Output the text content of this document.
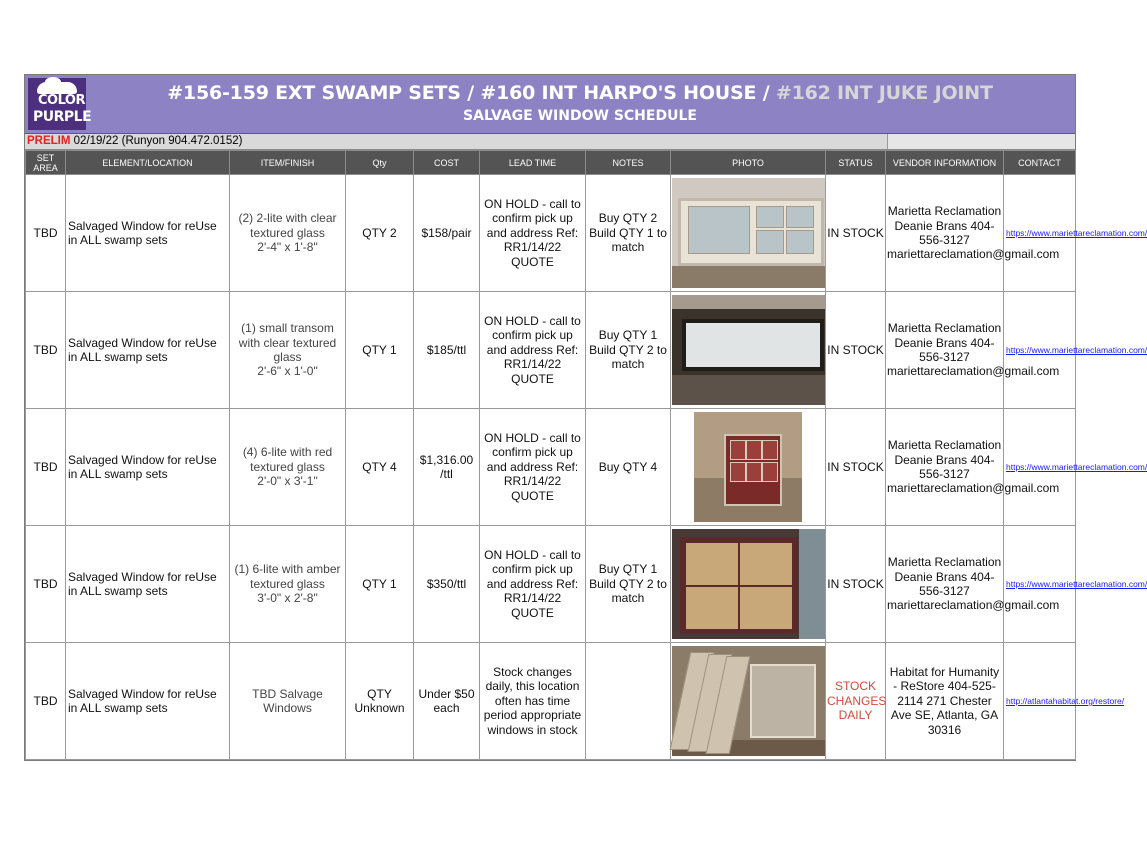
COLOR
PURPLE
#156-159 EXT SWAMP SETS / #160 INT HARPO'S HOUSE / #162 INT JUKE JOINT
SALVAGE WINDOW SCHEDULE
PRELIM 02/19/22 (Runyon 904.472.0152)
SET AREA	ELEMENT/LOCATION	ITEM/FINISH	Qty	COST	LEAD TIME	NOTES	PHOTO	STATUS	VENDOR INFORMATION	CONTACT
TBD	Salvaged Window for reUse in ALL swamp sets	(2) 2-lite with clear textured glass
2'-4" x 1'-8"	QTY 2	$158/pair	ON HOLD - call to confirm pick up and address Ref: RR1/14/22 QUOTE	Buy QTY 2 Build QTY 1 to match		IN STOCK	Marietta Reclamation Deanie Brans 404-556-3127 mariettareclamation@gmail.com	https://www.mariettareclamation.com/
TBD	Salvaged Window for reUse in ALL swamp sets	(1) small transom with clear textured glass
2'-6" x 1'-0"	QTY 1	$185/ttl	ON HOLD - call to confirm pick up and address Ref: RR1/14/22 QUOTE	Buy QTY 1 Build QTY 2 to match		IN STOCK	Marietta Reclamation Deanie Brans 404-556-3127 mariettareclamation@gmail.com	https://www.mariettareclamation.com/
TBD	Salvaged Window for reUse in ALL swamp sets	(4) 6-lite with red textured glass
2'-0" x 3'-1"	QTY 4	$1,316.00 /ttl	ON HOLD - call to confirm pick up and address Ref: RR1/14/22 QUOTE	Buy QTY 4		IN STOCK	Marietta Reclamation Deanie Brans 404-556-3127 mariettareclamation@gmail.com	https://www.mariettareclamation.com/
TBD	Salvaged Window for reUse in ALL swamp sets	(1) 6-lite with amber textured glass
3'-0" x 2'-8"	QTY 1	$350/ttl	ON HOLD - call to confirm pick up and address Ref: RR1/14/22 QUOTE	Buy QTY 1 Build QTY 2 to match		IN STOCK	Marietta Reclamation Deanie Brans 404-556-3127 mariettareclamation@gmail.com	https://www.mariettareclamation.com/
TBD	Salvaged Window for reUse in ALL swamp sets	TBD Salvage Windows	QTY Unknown	Under $50 each	Stock changes daily, this location often has time period appropriate windows in stock			STOCK CHANGES DAILY	Habitat for Humanity - ReStore 404-525-2114 271 Chester Ave SE, Atlanta, GA 30316	http://atlantahabitat.org/restore/
